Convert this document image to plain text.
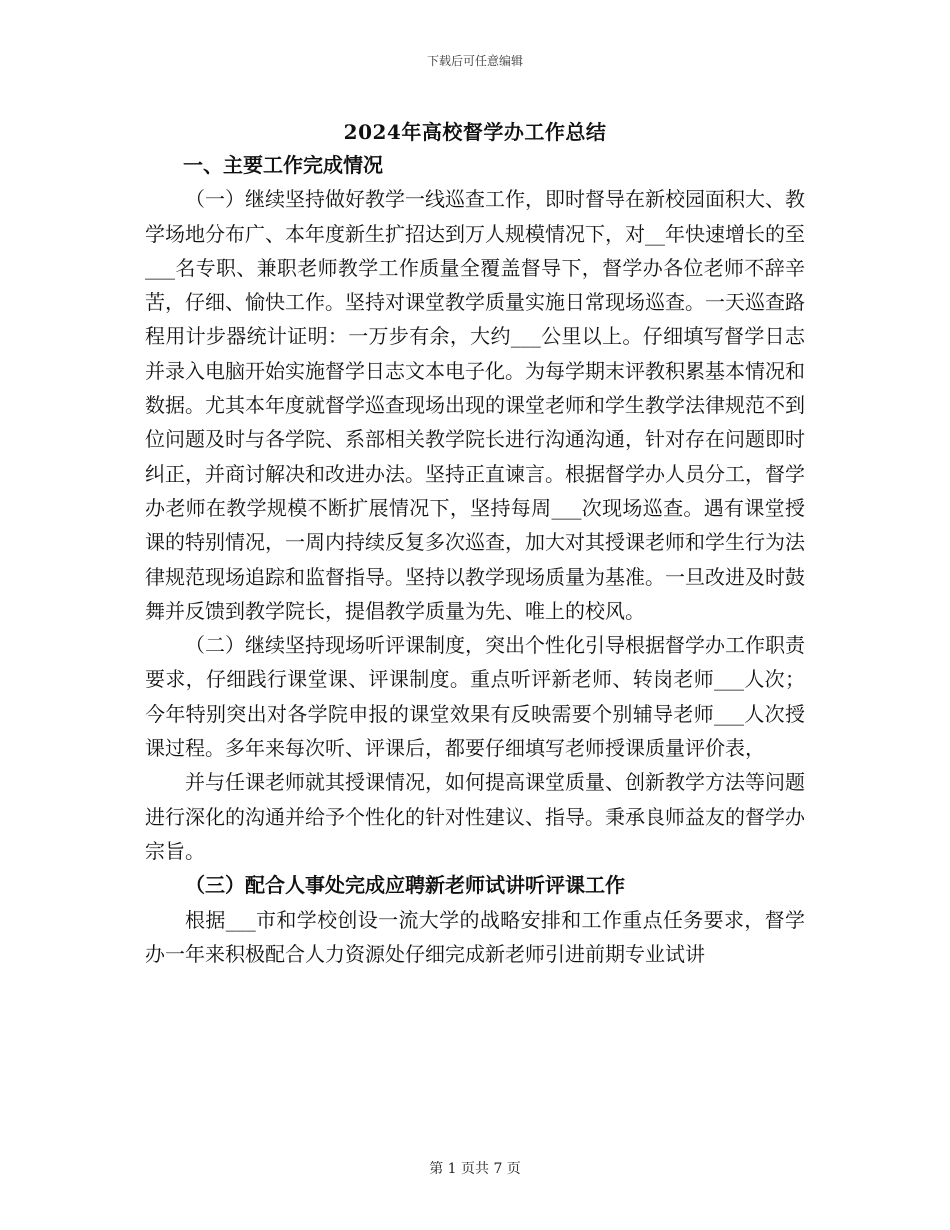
下载后可任意编辑
2024年高校督学办工作总结

一、主要工作完成情况

（一）继续坚持做好教学一线巡查工作，即时督导在新校园面积大、教学场地分布广、本年度新生扩招达到万人规模情况下，对__年快速增长的至___名专职、兼职老师教学工作质量全覆盖督导下，督学办各位老师不辞辛苦，仔细、愉快工作。坚持对课堂教学质量实施日常现场巡查。一天巡查路程用计步器统计证明：一万步有余，大约___公里以上。仔细填写督学日志并录入电脑开始实施督学日志文本电子化。为每学期末评教积累基本情况和数据。尤其本年度就督学巡查现场出现的课堂老师和学生教学法律规范不到位问题及时与各学院、系部相关教学院长进行沟通沟通，针对存在问题即时纠正，并商讨解决和改进办法。坚持正直谏言。根据督学办人员分工，督学办老师在教学规模不断扩展情况下，坚持每周___次现场巡查。遇有课堂授课的特别情况，一周内持续反复多次巡查，加大对其授课老师和学生行为法律规范现场追踪和监督指导。坚持以教学现场质量为基准。一旦改进及时鼓舞并反馈到教学院长，提倡教学质量为先、唯上的校风。

（二）继续坚持现场听评课制度，突出个性化引导根据督学办工作职责要求，仔细践行课堂课、评课制度。重点听评新老师、转岗老师___人次；今年特别突出对各学院申报的课堂效果有反映需要个别辅导老师___人次授课过程。多年来每次听、评课后，都要仔细填写老师授课质量评价表，

并与任课老师就其授课情况，如何提高课堂质量、创新教学方法等问题进行深化的沟通并给予个性化的针对性建议、指导。秉承良师益友的督学办宗旨。

（三）配合人事处完成应聘新老师试讲听评课工作

根据___市和学校创设一流大学的战略安排和工作重点任务要求，督学办一年来积极配合人力资源处仔细完成新老师引进前期专业试讲

第 1 页共 7 页
